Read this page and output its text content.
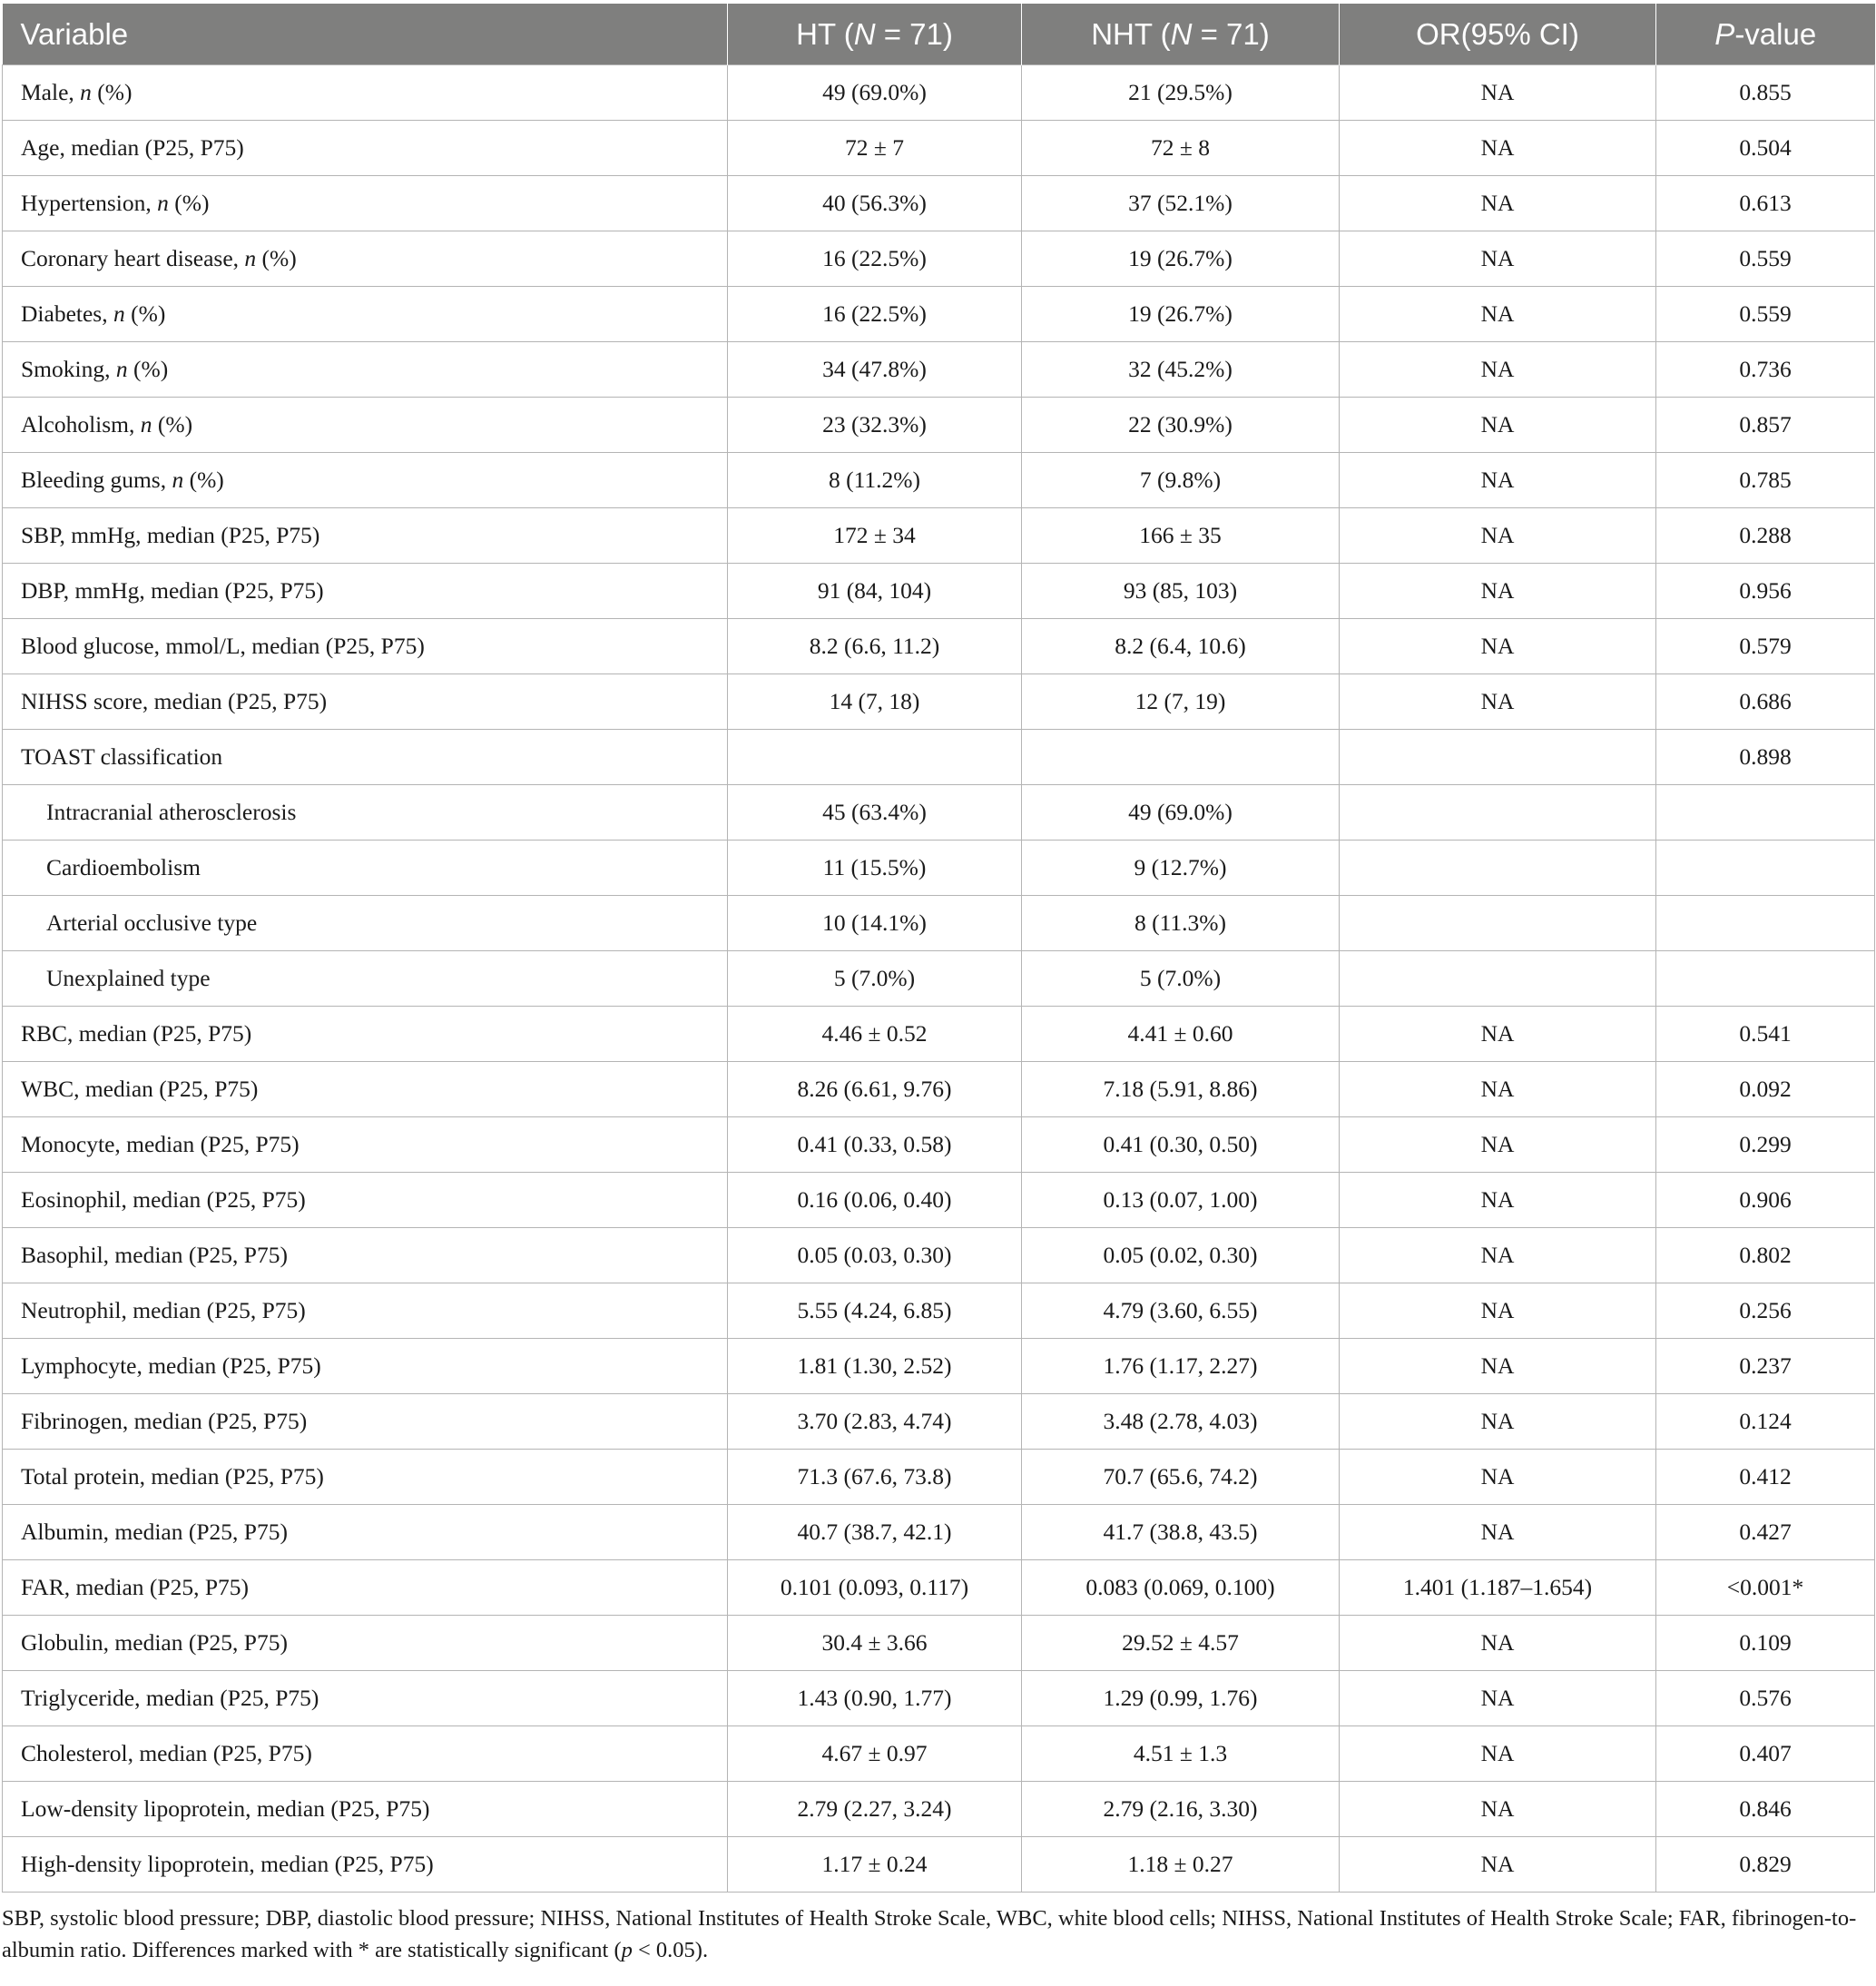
Variable	HT (N = 71)	NHT (N = 71)	OR(95% CI)	P-value
Male, n (%)	49 (69.0%)	21 (29.5%)	NA	0.855
Age, median (P25, P75)	72 ± 7	72 ± 8	NA	0.504
Hypertension, n (%)	40 (56.3%)	37 (52.1%)	NA	0.613
Coronary heart disease, n (%)	16 (22.5%)	19 (26.7%)	NA	0.559
Diabetes, n (%)	16 (22.5%)	19 (26.7%)	NA	0.559
Smoking, n (%)	34 (47.8%)	32 (45.2%)	NA	0.736
Alcoholism, n (%)	23 (32.3%)	22 (30.9%)	NA	0.857
Bleeding gums, n (%)	8 (11.2%)	7 (9.8%)	NA	0.785
SBP, mmHg, median (P25, P75)	172 ± 34	166 ± 35	NA	0.288
DBP, mmHg, median (P25, P75)	91 (84, 104)	93 (85, 103)	NA	0.956
Blood glucose, mmol/L, median (P25, P75)	8.2 (6.6, 11.2)	8.2 (6.4, 10.6)	NA	0.579
NIHSS score, median (P25, P75)	14 (7, 18)	12 (7, 19)	NA	0.686
TOAST classification				0.898
Intracranial atherosclerosis	45 (63.4%)	49 (69.0%)		
Cardioembolism	11 (15.5%)	9 (12.7%)		
Arterial occlusive type	10 (14.1%)	8 (11.3%)		
Unexplained type	5 (7.0%)	5 (7.0%)		
RBC, median (P25, P75)	4.46 ± 0.52	4.41 ± 0.60	NA	0.541
WBC, median (P25, P75)	8.26 (6.61, 9.76)	7.18 (5.91, 8.86)	NA	0.092
Monocyte, median (P25, P75)	0.41 (0.33, 0.58)	0.41 (0.30, 0.50)	NA	0.299
Eosinophil, median (P25, P75)	0.16 (0.06, 0.40)	0.13 (0.07, 1.00)	NA	0.906
Basophil, median (P25, P75)	0.05 (0.03, 0.30)	0.05 (0.02, 0.30)	NA	0.802
Neutrophil, median (P25, P75)	5.55 (4.24, 6.85)	4.79 (3.60, 6.55)	NA	0.256
Lymphocyte, median (P25, P75)	1.81 (1.30, 2.52)	1.76 (1.17, 2.27)	NA	0.237
Fibrinogen, median (P25, P75)	3.70 (2.83, 4.74)	3.48 (2.78, 4.03)	NA	0.124
Total protein, median (P25, P75)	71.3 (67.6, 73.8)	70.7 (65.6, 74.2)	NA	0.412
Albumin, median (P25, P75)	40.7 (38.7, 42.1)	41.7 (38.8, 43.5)	NA	0.427
FAR, median (P25, P75)	0.101 (0.093, 0.117)	0.083 (0.069, 0.100)	1.401 (1.187–1.654)	<0.001*
Globulin, median (P25, P75)	30.4 ± 3.66	29.52 ± 4.57	NA	0.109
Triglyceride, median (P25, P75)	1.43 (0.90, 1.77)	1.29 (0.99, 1.76)	NA	0.576
Cholesterol, median (P25, P75)	4.67 ± 0.97	4.51 ± 1.3	NA	0.407
Low-density lipoprotein, median (P25, P75)	2.79 (2.27, 3.24)	2.79 (2.16, 3.30)	NA	0.846
High-density lipoprotein, median (P25, P75)	1.17 ± 0.24	1.18 ± 0.27	NA	0.829
SBP, systolic blood pressure; DBP, diastolic blood pressure; NIHSS, National Institutes of Health Stroke Scale, WBC, white blood cells; NIHSS, National Institutes of Health Stroke Scale; FAR, fibrinogen-to-albumin ratio. Differences marked with * are statistically significant (p < 0.05).
